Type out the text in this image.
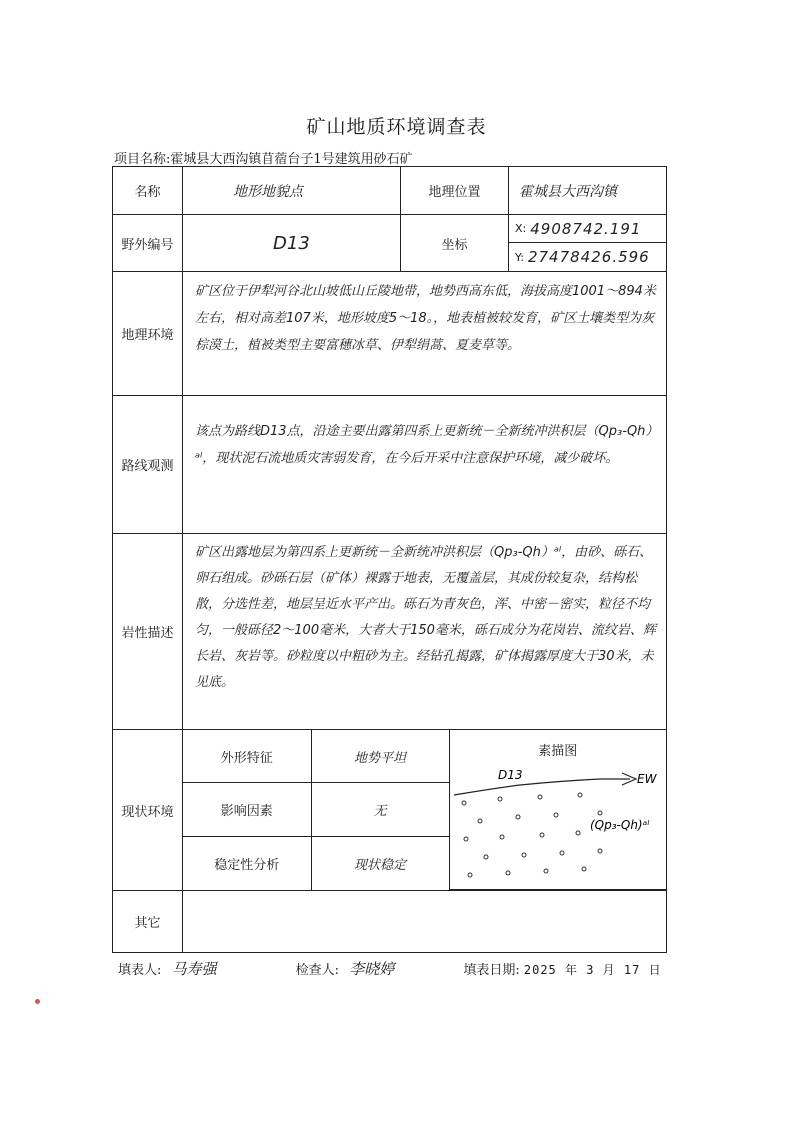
矿山地质环境调查表
项目名称:霍城县大西沟镇苜蓿台子1号建筑用砂石矿
名称	地形地貌点	地理位置	霍城县大西沟镇
野外编号	D13	坐标	
X: 4908742.191
Y: 27478426.596

地理环境	矿区位于伊犁河谷北山坡低山丘陵地带，地势西高东低，海拔高度1001～894米左右，相对高差107米，地形坡度5～18。，地表植被较发育，矿区土壤类型为灰棕漠土，植被类型主要富穗冰草、伊犁绢蒿、夏麦草等。
路线观测	该点为路线D13点，沿途主要出露第四系上更新统－全新统冲洪积层（Qp₃-Qh）ᵃˡ，现状泥石流地质灾害弱发育，在今后开采中注意保护环境，减少破坏。
岩性描述	矿区出露地层为第四系上更新统－全新统冲洪积层（Qp₃-Qh）ᵃˡ，由砂、砾石、卵石组成。砂砾石层（矿体）裸露于地表，无覆盖层，其成份较复杂，结构松散，分选性差，地层呈近水平产出。砾石为青灰色，浑、中密－密实，粒径不均匀，一般砾径2～100毫米，大者大于150毫米，砾石成分为花岗岩、流纹岩、辉长岩、灰岩等。砂粒度以中粗砂为主。经钻孔揭露，矿体揭露厚度大于30米，未见底。
现状环境	
外形特征	地势平坦	素描图
D13	EW
(Qp₃-Qh)ᵃˡ

影响因素	无
稳定性分析	现状稳定

其它	
填表人: 马寿强	检查人: 李晓婷	填表日期: 2025 年 3 月 17 日
